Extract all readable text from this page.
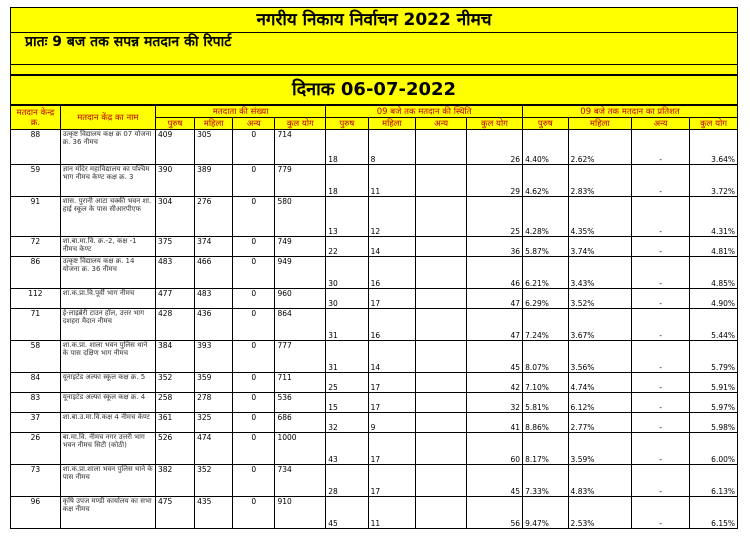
नगरीय निकाय निर्वाचन 2022 नीमच
प्रातः 9 बज तक सपन्न मतदान की रिपार्ट
दिनाक 06-07-2022
मतदान केन्द्र क्र.	मतदान केंद्र का नाम	मतदाता की संख्या				09 बजे तक मतदान की स्थिति				09 बजे तक मतदान का प्रतिशत			
		पुरुष	महिला	अन्य	कुल योग	पुरुष	महिला	अन्य	कुल योग	पुरुष	महिला	अन्य	कुल योग
88	उत्कृष्ट विद्यालय कक्ष क्र 07 योजना क्र. 36 नीमच	409	305	0	714	18	8		26	4.40%	2.62%	-	3.64%
59	ज्ञान मंदिर महाविद्यालय का पश्चिम भाग नीमच केण्ट कक्ष क्र. 3	390	389	0	779	18	11		29	4.62%	2.83%	-	3.72%
91	शास. पुरानी आटा चक्की भवन शा. हाई स्कूल के पास सीआरपीएफ	304	276	0	580	13	12		25	4.28%	4.35%	-	4.31%
72	शा.बा.मा.वि. क्र.-2, कक्ष -1 नीमच केण्ट	375	374	0	749	22	14		36	5.87%	3.74%	-	4.81%
86	उत्कृष्ट विद्यालय कक्ष क्र. 14 योजना क्र. 36 नीमच	483	466	0	949	30	16		46	6.21%	3.43%	-	4.85%
112	शा.क.प्रा.वि.पूर्वी भाग नीमच	477	483	0	960	30	17		47	6.29%	3.52%	-	4.90%
71	ई-लाइब्रेरी टाउन हॉल, उत्तर भाग दशहरा मैदान नीमच	428	436	0	864	31	16		47	7.24%	3.67%	-	5.44%
58	शा.क.प्रा. शाला भवन पुलिस थाने के पास दक्षिण भाग नीमच	384	393	0	777	31	14		45	8.07%	3.56%	-	5.79%
84	यूनाइटेड अल्फा स्कूल कक्ष क्र. 5	352	359	0	711	25	17		42	7.10%	4.74%	-	5.91%
83	यूनाइटेड अल्फा स्कूल कक्ष क्र. 4	258	278	0	536	15	17		32	5.81%	6.12%	-	5.97%
37	शा.बा.उ.मा.वि.कक्ष 4 नीमच केण्ट	361	325	0	686	32	9		41	8.86%	2.77%	-	5.98%
26	बा.मा.वि. नीमच नगर उत्तरी भाग भवन नीमच सिटी (कोठी)	526	474	0	1000	43	17		60	8.17%	3.59%	-	6.00%
73	शा.क.प्रा.शाला भवन पुलिस थाने के पास नीमच	382	352	0	734	28	17		45	7.33%	4.83%	-	6.13%
96	कृषि उपज मण्डी कार्यालय का सभा कक्ष नीमच	475	435	0	910	45	11		56	9.47%	2.53%	-	6.15%
